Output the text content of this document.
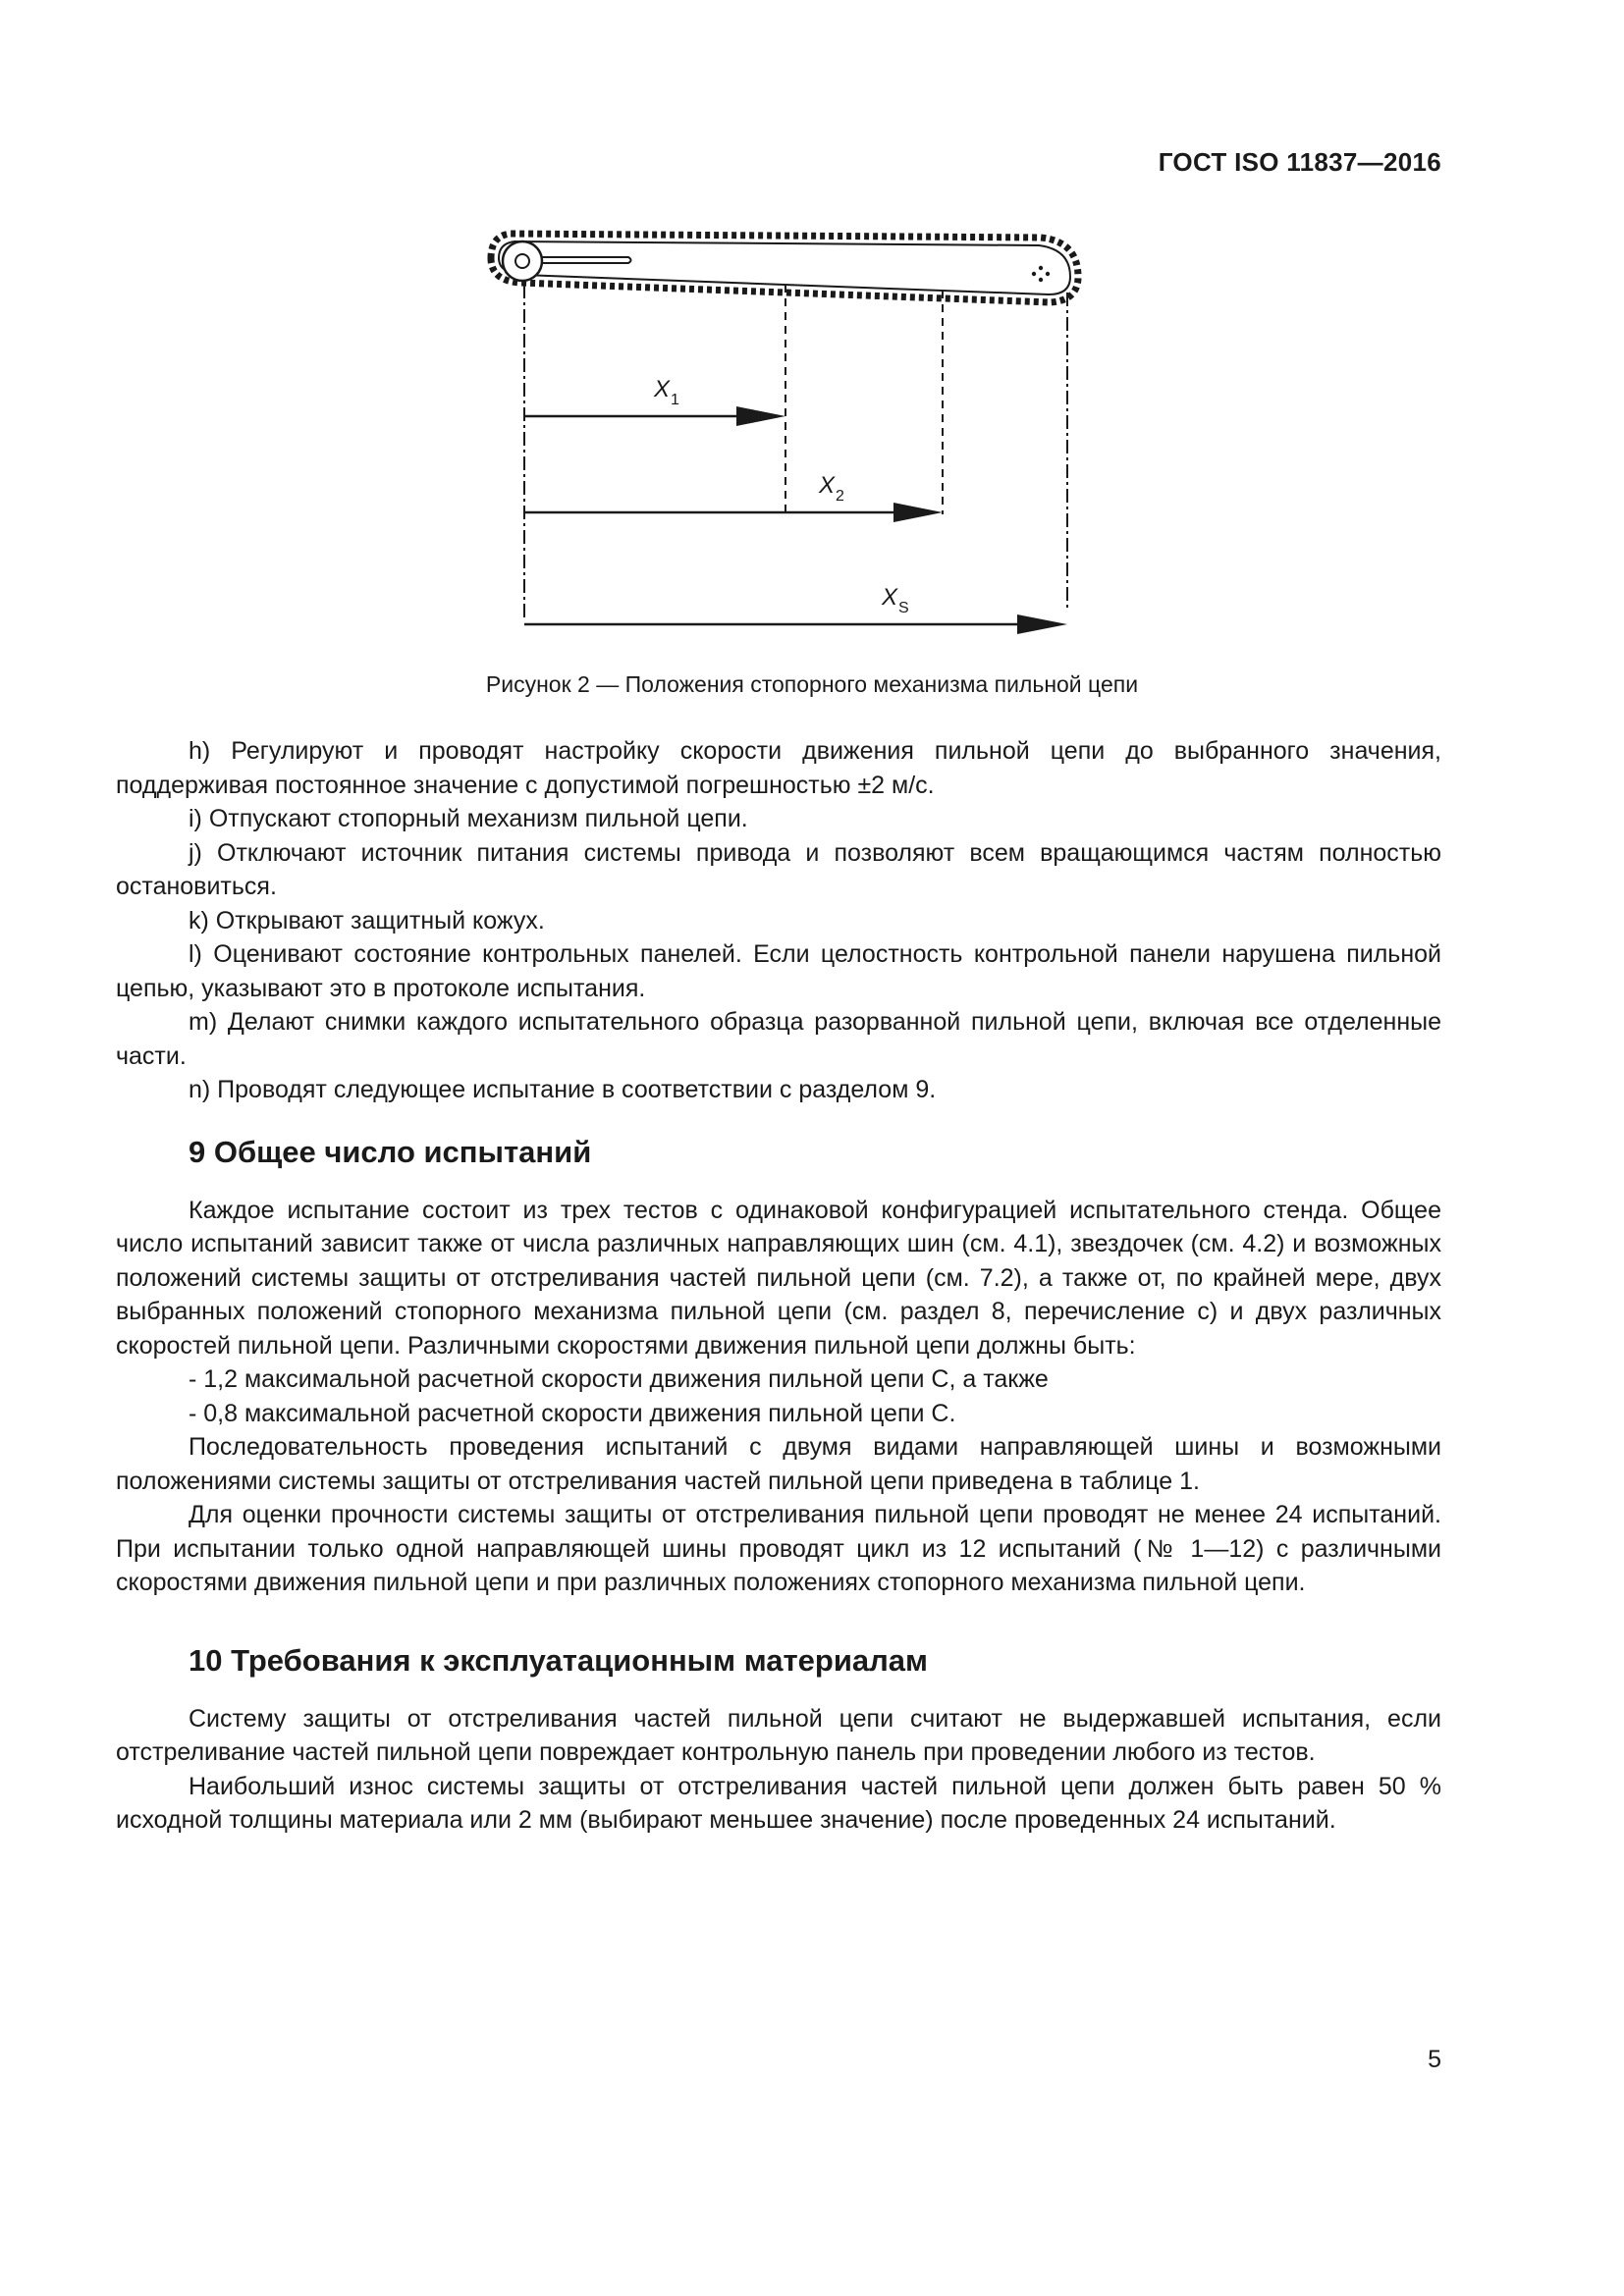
ГОСТ ISO 11837—2016
$X_1$
$X_2$
$X_S$
Рисунок 2 — Положения стопорного механизма пильной цепи

h) Регулируют и проводят настройку скорости движения пильной цепи до выбранного значения, поддерживая постоянное значение с допустимой погрешностью ±2 м/с.

i) Отпускают стопорный механизм пильной цепи.

j) Отключают источник питания системы привода и позволяют всем вращающимся частям полностью остановиться.

k) Открывают защитный кожух.

l) Оценивают состояние контрольных панелей. Если целостность контрольной панели нарушена пильной цепью, указывают это в протоколе испытания.

m) Делают снимки каждого испытательного образца разорванной пильной цепи, включая все отделенные части.

n) Проводят следующее испытание в соответствии с разделом 9.

9 Общее число испытаний

Каждое испытание состоит из трех тестов с одинаковой конфигурацией испытательного стенда. Общее число испытаний зависит также от числа различных направляющих шин (см. 4.1), звездочек (см. 4.2) и возможных положений системы защиты от отстреливания частей пильной цепи (см. 7.2), а также от, по крайней мере, двух выбранных положений стопорного механизма пильной цепи (см. раздел 8, перечисление с) и двух различных скоростей пильной цепи. Различными скоростями движения пильной цепи должны быть:

- 1,2 максимальной расчетной скорости движения пильной цепи С, а также

- 0,8 максимальной расчетной скорости движения пильной цепи С.

Последовательность проведения испытаний с двумя видами направляющей шины и возможными положениями системы защиты от отстреливания частей пильной цепи приведена в таблице 1.

Для оценки прочности системы защиты от отстреливания пильной цепи проводят не менее 24 испытаний. При испытании только одной направляющей шины проводят цикл из 12 испытаний (№ 1—12) с различными скоростями движения пильной цепи и при различных положениях стопорного механизма пильной цепи.

10 Требования к эксплуатационным материалам

Систему защиты от отстреливания частей пильной цепи считают не выдержавшей испытания, если отстреливание частей пильной цепи повреждает контрольную панель при проведении любого из тестов.

Наибольший износ системы защиты от отстреливания частей пильной цепи должен быть равен 50 % исходной толщины материала или 2 мм (выбирают меньшее значение) после проведенных 24 испытаний.

5
